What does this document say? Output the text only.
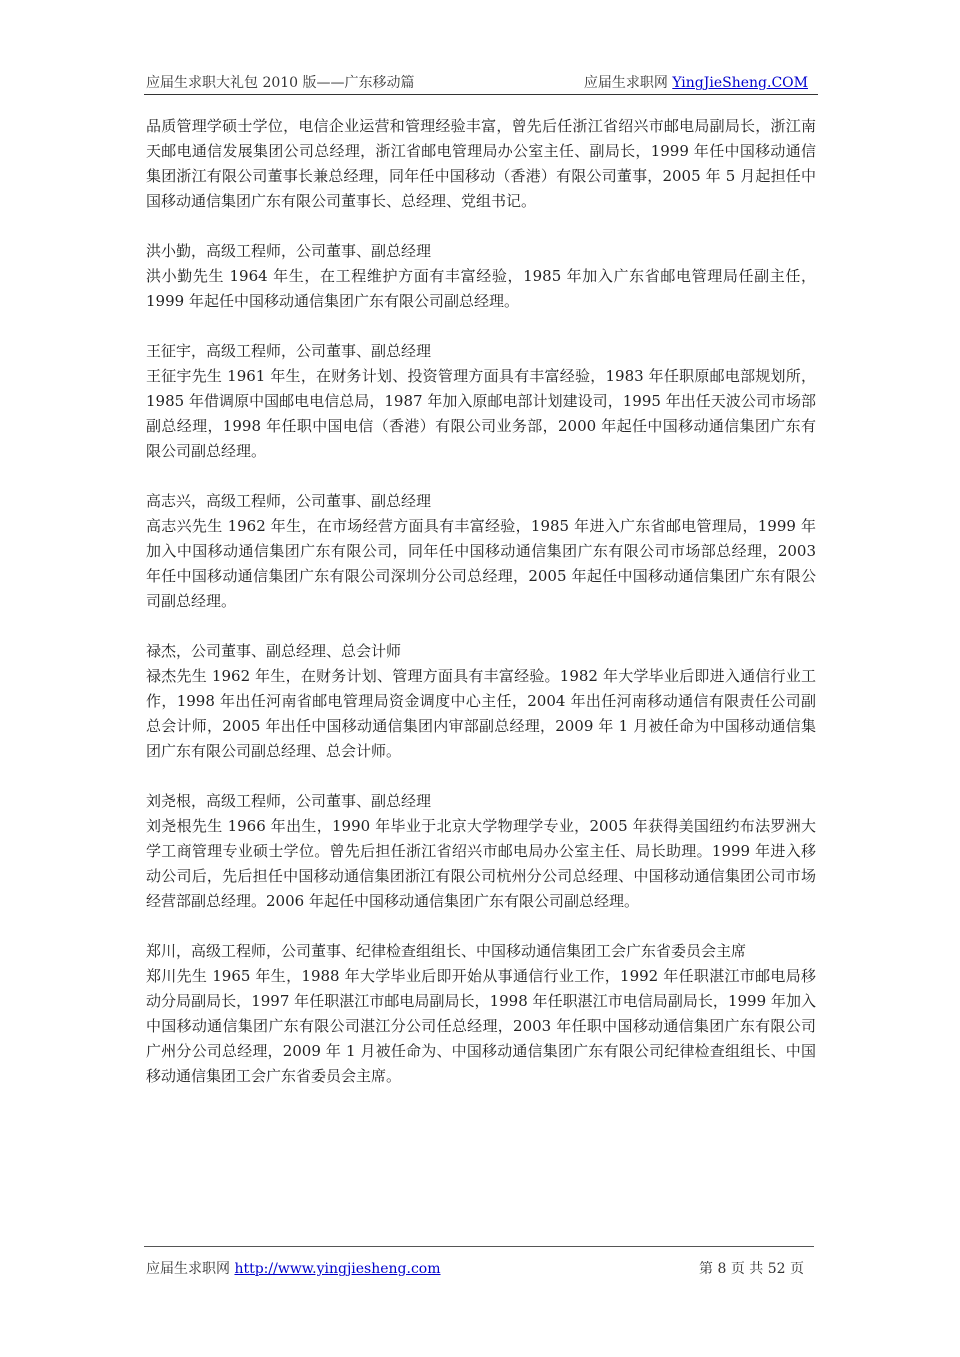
应届生求职大礼包 2010 版——广东移动篇	应届生求职网 YingJieSheng.COM

品质管理学硕士学位，电信企业运营和管理经验丰富，曾先后任浙江省绍兴市邮电局副局长，浙江南天邮电通信发展集团公司总经理，浙江省邮电管理局办公室主任、副局长，1999 年任中国移动通信集团浙江有限公司董事长兼总经理，同年任中国移动（香港）有限公司董事，2005 年 5 月起担任中国移动通信集团广东有限公司董事长、总经理、党组书记。

洪小勤，高级工程师，公司董事、副总经理

洪小勤先生 1964 年生，在工程维护方面有丰富经验，1985 年加入广东省邮电管理局任副主任，1999 年起任中国移动通信集团广东有限公司副总经理。

王征宇，高级工程师，公司董事、副总经理

王征宇先生 1961 年生，在财务计划、投资管理方面具有丰富经验，1983 年任职原邮电部规划所，1985 年借调原中国邮电电信总局，1987 年加入原邮电部计划建设司，1995 年出任天波公司市场部副总经理，1998 年任职中国电信（香港）有限公司业务部，2000 年起任中国移动通信集团广东有限公司副总经理。

高志兴，高级工程师，公司董事、副总经理

高志兴先生 1962 年生，在市场经营方面具有丰富经验，1985 年进入广东省邮电管理局，1999 年加入中国移动通信集团广东有限公司，同年任中国移动通信集团广东有限公司市场部总经理，2003 年任中国移动通信集团广东有限公司深圳分公司总经理，2005 年起任中国移动通信集团广东有限公司副总经理。

禄杰，公司董事、副总经理、总会计师

禄杰先生 1962 年生，在财务计划、管理方面具有丰富经验。1982 年大学毕业后即进入通信行业工作，1998 年出任河南省邮电管理局资金调度中心主任，2004 年出任河南移动通信有限责任公司副总会计师，2005 年出任中国移动通信集团内审部副总经理，2009 年 1 月被任命为中国移动通信集团广东有限公司副总经理、总会计师。

刘尧根，高级工程师，公司董事、副总经理

刘尧根先生 1966 年出生，1990 年毕业于北京大学物理学专业，2005 年获得美国纽约布法罗洲大学工商管理专业硕士学位。曾先后担任浙江省绍兴市邮电局办公室主任、局长助理。1999 年进入移动公司后，先后担任中国移动通信集团浙江有限公司杭州分公司总经理、中国移动通信集团公司市场经营部副总经理。2006 年起任中国移动通信集团广东有限公司副总经理。

郑川，高级工程师，公司董事、纪律检查组组长、中国移动通信集团工会广东省委员会主席

郑川先生 1965 年生，1988 年大学毕业后即开始从事通信行业工作，1992 年任职湛江市邮电局移动分局副局长，1997 年任职湛江市邮电局副局长，1998 年任职湛江市电信局副局长，1999 年加入中国移动通信集团广东有限公司湛江分公司任总经理，2003 年任职中国移动通信集团广东有限公司广州分公司总经理，2009 年 1 月被任命为、中国移动通信集团广东有限公司纪律检查组组长、中国移动通信集团工会广东省委员会主席。

应届生求职网 http://www.yingjiesheng.com	第 8 页 共 52 页
